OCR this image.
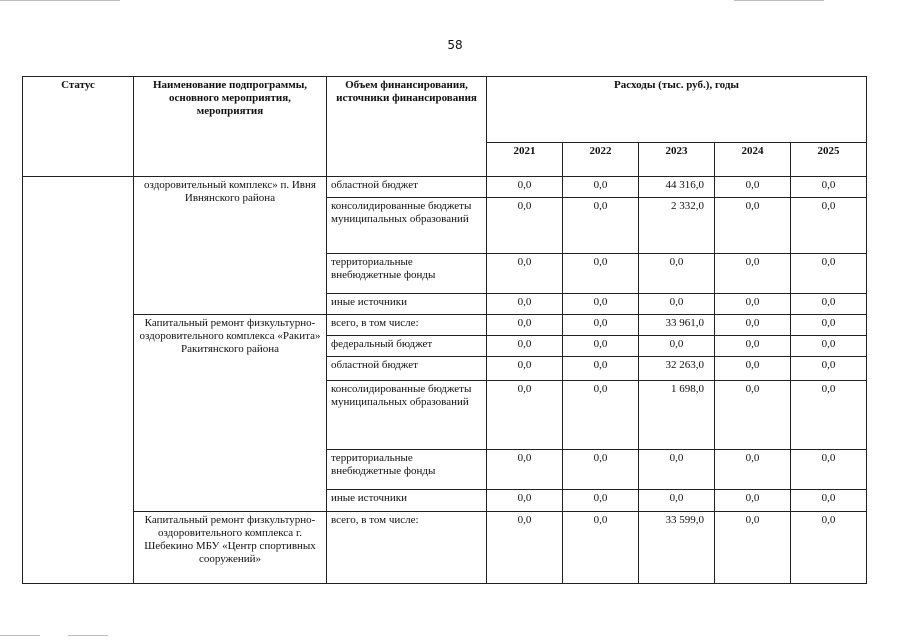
58
Статус	Наименование подпрограммы, основного мероприятия, мероприятия	Объем финансирования, источники финансирования	Расходы (тыс. руб.), годы				
			2021	2022	2023	2024	2025
	оздоровительный комплекс» п. Ивня Ивнянского района	областной бюджет	0,0	0,0	44 316,0	0,0	0,0
		консолидированные бюджеты муниципальных образований	0,0	0,0	2 332,0	0,0	0,0
		территориальные внебюджетные фонды	0,0	0,0	0,0	0,0	0,0
		иные источники	0,0	0,0	0,0	0,0	0,0
	Капитальный ремонт физкультурно-оздоровительного комплекса «Ракита» Ракитянского района	всего, в том числе:	0,0	0,0	33 961,0	0,0	0,0
		федеральный бюджет	0,0	0,0	0,0	0,0	0,0
		областной бюджет	0,0	0,0	32 263,0	0,0	0,0
		консолидированные бюджеты муниципальных образований	0,0	0,0	1 698,0	0,0	0,0
		территориальные внебюджетные фонды	0,0	0,0	0,0	0,0	0,0
		иные источники	0,0	0,0	0,0	0,0	0,0
	Капитальный ремонт физкультурно-оздоровительного комплекса г. Шебекино МБУ «Центр спортивных сооружений»	всего, в том числе:	0,0	0,0	33 599,0	0,0	0,0
